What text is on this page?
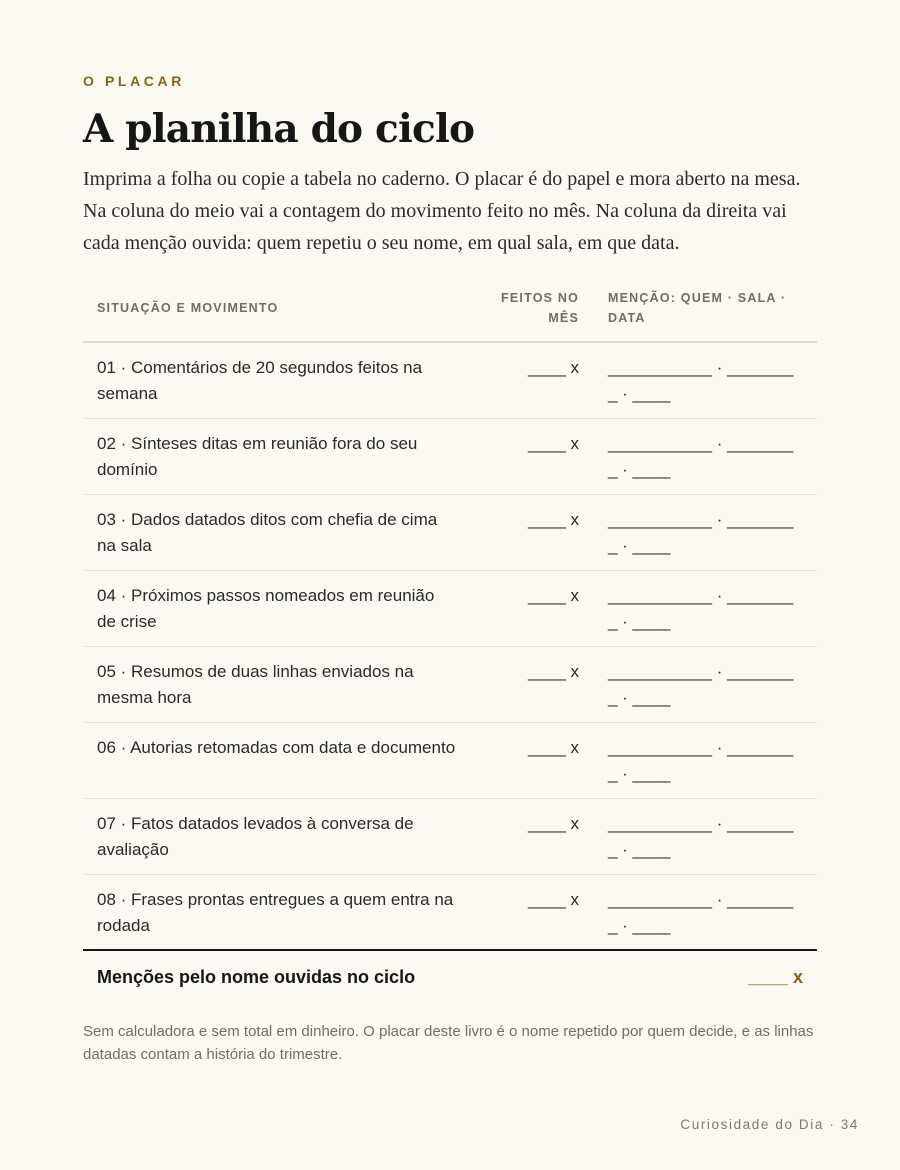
O PLACAR
A planilha do ciclo

Imprima a folha ou copie a tabela no caderno. O placar é do papel e mora aberto na mesa. Na coluna do meio vai a contagem do movimento feito no mês. Na coluna da direita vai cada menção ouvida: quem repetiu o seu nome, em qual sala, em que data.

SITUAÇÃO E MOVIMENTO
FEITOS NO MÊS
MENÇÃO: QUEM · SALA · DATA
01 · Comentários de 20 segundos feitos na semana
____ x ___________ · ________ · ____
02 · Sínteses ditas em reunião fora do seu domínio
____ x ___________ · ________ · ____
03 · Dados datados ditos com chefia de cima na sala
____ x ___________ · ________ · ____
04 · Próximos passos nomeados em reunião de crise
____ x ___________ · ________ · ____
05 · Resumos de duas linhas enviados na mesma hora
____ x ___________ · ________ · ____
06 · Autorias retomadas com data e documento	____ x ___________ · ________ · ____
07 · Fatos datados levados à conversa de avaliação
____ x ___________ · ________ · ____
08 · Frases prontas entregues a quem entra na rodada
____ x ___________ · ________ · ____
Menções pelo nome ouvidas no ciclo	____ x

Sem calculadora e sem total em dinheiro. O placar deste livro é o nome repetido por quem decide, e as linhas datadas contam a história do trimestre.

Curiosidade do Dia · 34
